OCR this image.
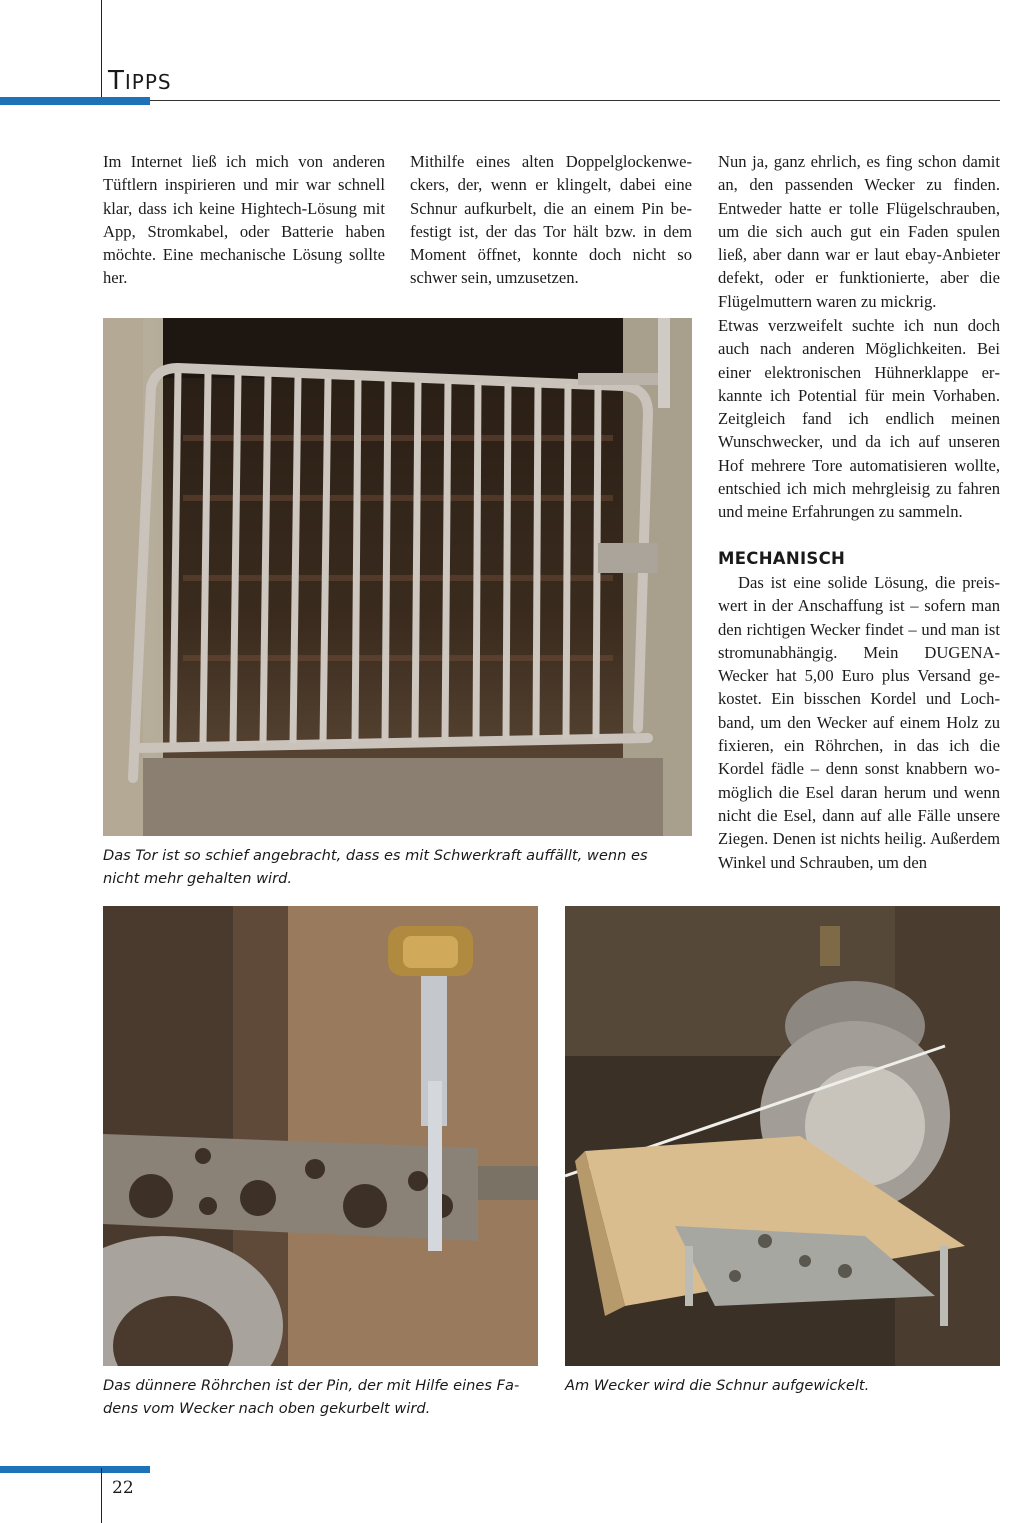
TIPPS

Im Internet ließ ich mich von anderen Tüftlern inspirieren und mir war schnell klar, dass ich keine Hightech-Lösung mit App, Stromkabel, oder Batterie haben möchte. Eine mechanische Lösung sollte her.

Mithilfe eines alten Doppelglockenweckers, der, wenn er klingelt, dabei eine Schnur aufkurbelt, die an einem Pin befestigt ist, der das Tor hält bzw. in dem Moment öffnet, konnte doch nicht so schwer sein, umzusetzen.

Nun ja, ganz ehrlich, es fing schon damit an, den passenden Wecker zu finden. Entweder hatte er tolle Flügelschrauben, um die sich auch gut ein Faden spulen ließ, aber dann war er laut ebay-Anbieter defekt, oder er funktionierte, aber die Flügelmuttern waren zu mickrig.

Etwas verzweifelt suchte ich nun doch auch nach anderen Möglichkeiten. Bei einer elektronischen Hühnerklappe erkannte ich Potential für mein Vorhaben. Zeitgleich fand ich endlich meinen Wunschwecker, und da ich auf unseren Hof mehrere Tore automatisieren wollte, entschied ich mich mehrgleisig zu fahren und meine Erfahrungen zu sammeln.

MECHANISCH

Das ist eine solide Lösung, die preiswert in der Anschaffung ist – sofern man den richtigen Wecker findet – und man ist stromunabhängig. Mein DUGENA-Wecker hat 5,00 Euro plus Versand gekostet. Ein bisschen Kordel und Lochband, um den Wecker auf einem Holz zu fixieren, ein Röhrchen, in das ich die Kordel fädle – denn sonst knabbern womöglich die Esel daran herum und wenn nicht die Esel, dann auf alle Fälle unsere Ziegen. Denen ist nichts heilig. Außerdem Winkel und Schrauben, um den

Das Tor ist so schief angebracht, dass es mit Schwerkraft auffällt, wenn es nicht mehr gehalten wird.

Das dünnere Röhrchen ist der Pin, der mit Hilfe eines Fadens vom Wecker nach oben gekurbelt wird.

Am Wecker wird die Schnur aufgewickelt.

22
